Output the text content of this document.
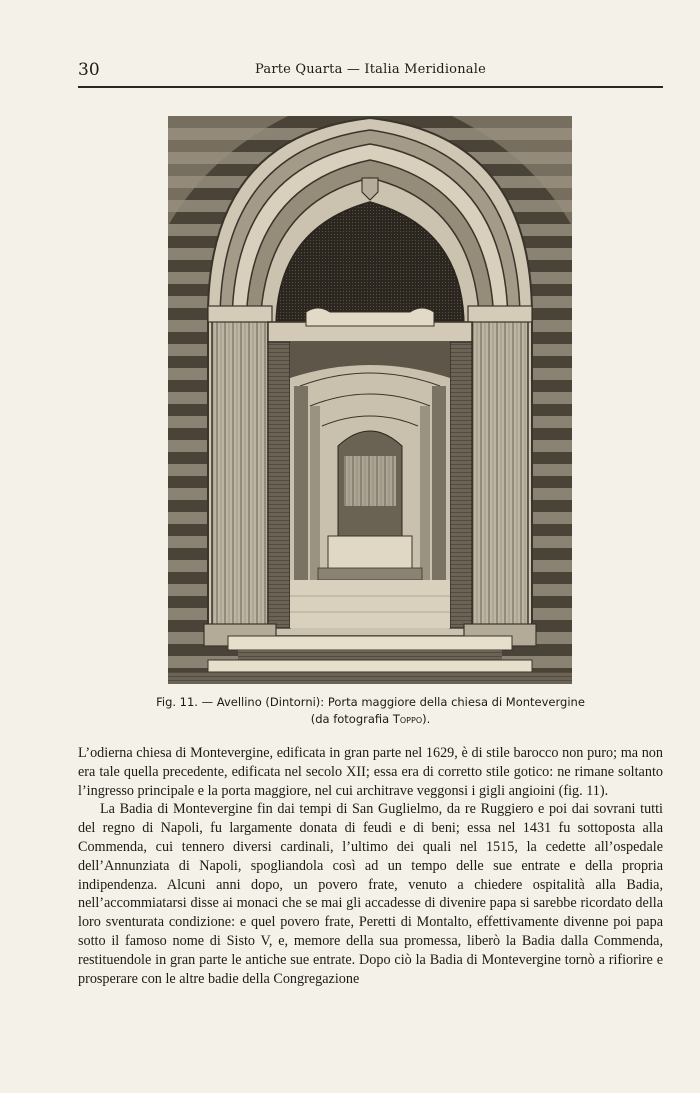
30	Parte Quarta — Italia Meridionale
Fig. 11. — Avellino (Dintorni): Porta maggiore della chiesa di Montevergine
(da fotografia Toppo).

L’odierna chiesa di Montevergine, edificata in gran parte nel 1629, è di stile barocco non puro; ma non era tale quella precedente, edificata nel secolo XII; essa era di corretto stile gotico: ne rimane soltanto l’ingresso principale e la porta maggiore, nel cui architrave veggonsi i gigli angioini (fig. 11).

La Badia di Montevergine fin dai tempi di San Guglielmo, da re Ruggiero e poi dai sovrani tutti del regno di Napoli, fu largamente donata di feudi e di beni; essa nel 1431 fu sottoposta alla Commenda, cui tennero diversi cardinali, l’ultimo dei quali nel 1515, la cedette all’ospedale dell’Annunziata di Napoli, spogliandola così ad un tempo delle sue entrate e della propria indipendenza. Alcuni anni dopo, un povero frate, venuto a chiedere ospitalità alla Badia, nell’accommiatarsi disse ai monaci che se mai gli accadesse di divenire papa si sarebbe ricordato della loro sventurata condizione: e quel povero frate, Peretti di Montalto, effettivamente divenne poi papa sotto il famoso nome di Sisto V, e, memore della sua promessa, liberò la Badia dalla Commenda, restituendole in gran parte le antiche sue entrate. Dopo ciò la Badia di Montevergine tornò a rifiorire e prosperare con le altre badie della Congregazione
